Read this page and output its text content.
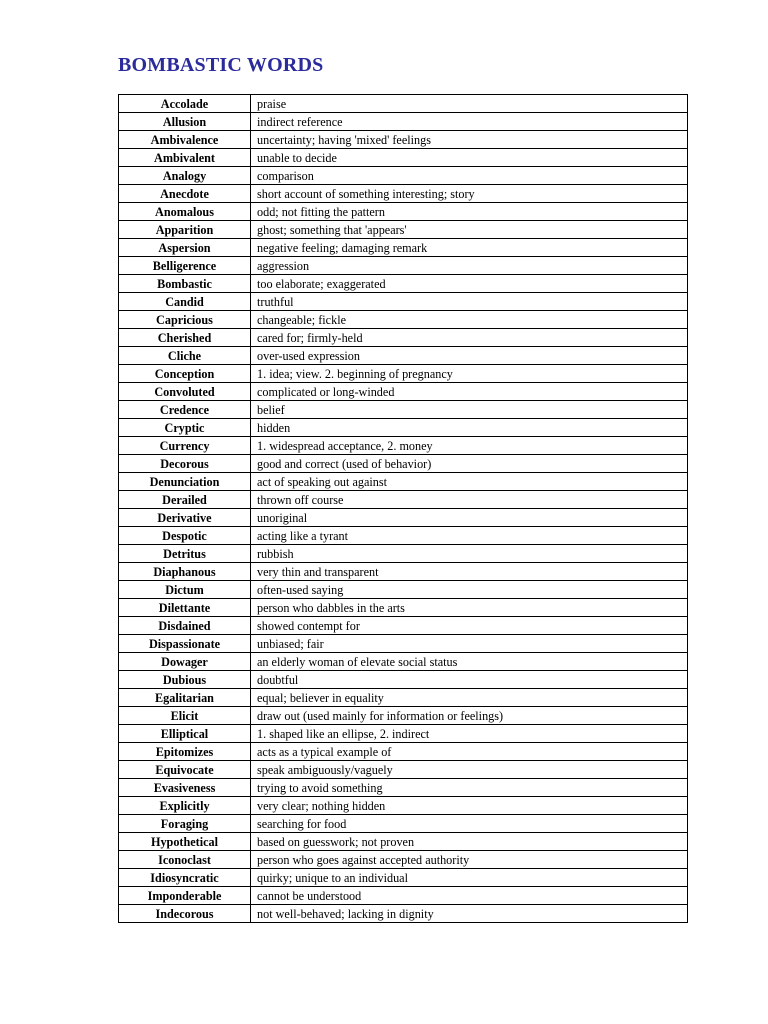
BOMBASTIC WORDS
Accolade	praise
Allusion	indirect reference
Ambivalence	uncertainty; having 'mixed' feelings
Ambivalent	unable to decide
Analogy	comparison
Anecdote	short account of something interesting; story
Anomalous	odd; not fitting the pattern
Apparition	ghost; something that 'appears'
Aspersion	negative feeling; damaging remark
Belligerence	aggression
Bombastic	too elaborate; exaggerated
Candid	truthful
Capricious	changeable; fickle
Cherished	cared for; firmly-held
Cliche	over-used expression
Conception	1. idea; view. 2. beginning of pregnancy
Convoluted	complicated or long-winded
Credence	belief
Cryptic	hidden
Currency	1. widespread acceptance, 2. money
Decorous	good and correct (used of behavior)
Denunciation	act of speaking out against
Derailed	thrown off course
Derivative	unoriginal
Despotic	acting like a tyrant
Detritus	rubbish
Diaphanous	very thin and transparent
Dictum	often-used saying
Dilettante	person who dabbles in the arts
Disdained	showed contempt for
Dispassionate	unbiased; fair
Dowager	an elderly woman of elevate social status
Dubious	doubtful
Egalitarian	equal; believer in equality
Elicit	draw out (used mainly for information or feelings)
Elliptical	1. shaped like an ellipse, 2. indirect
Epitomizes	acts as a typical example of
Equivocate	speak ambiguously/vaguely
Evasiveness	trying to avoid something
Explicitly	very clear; nothing hidden
Foraging	searching for food
Hypothetical	based on guesswork; not proven
Iconoclast	person who goes against accepted authority
Idiosyncratic	quirky; unique to an individual
Imponderable	cannot be understood
Indecorous	not well-behaved; lacking in dignity
